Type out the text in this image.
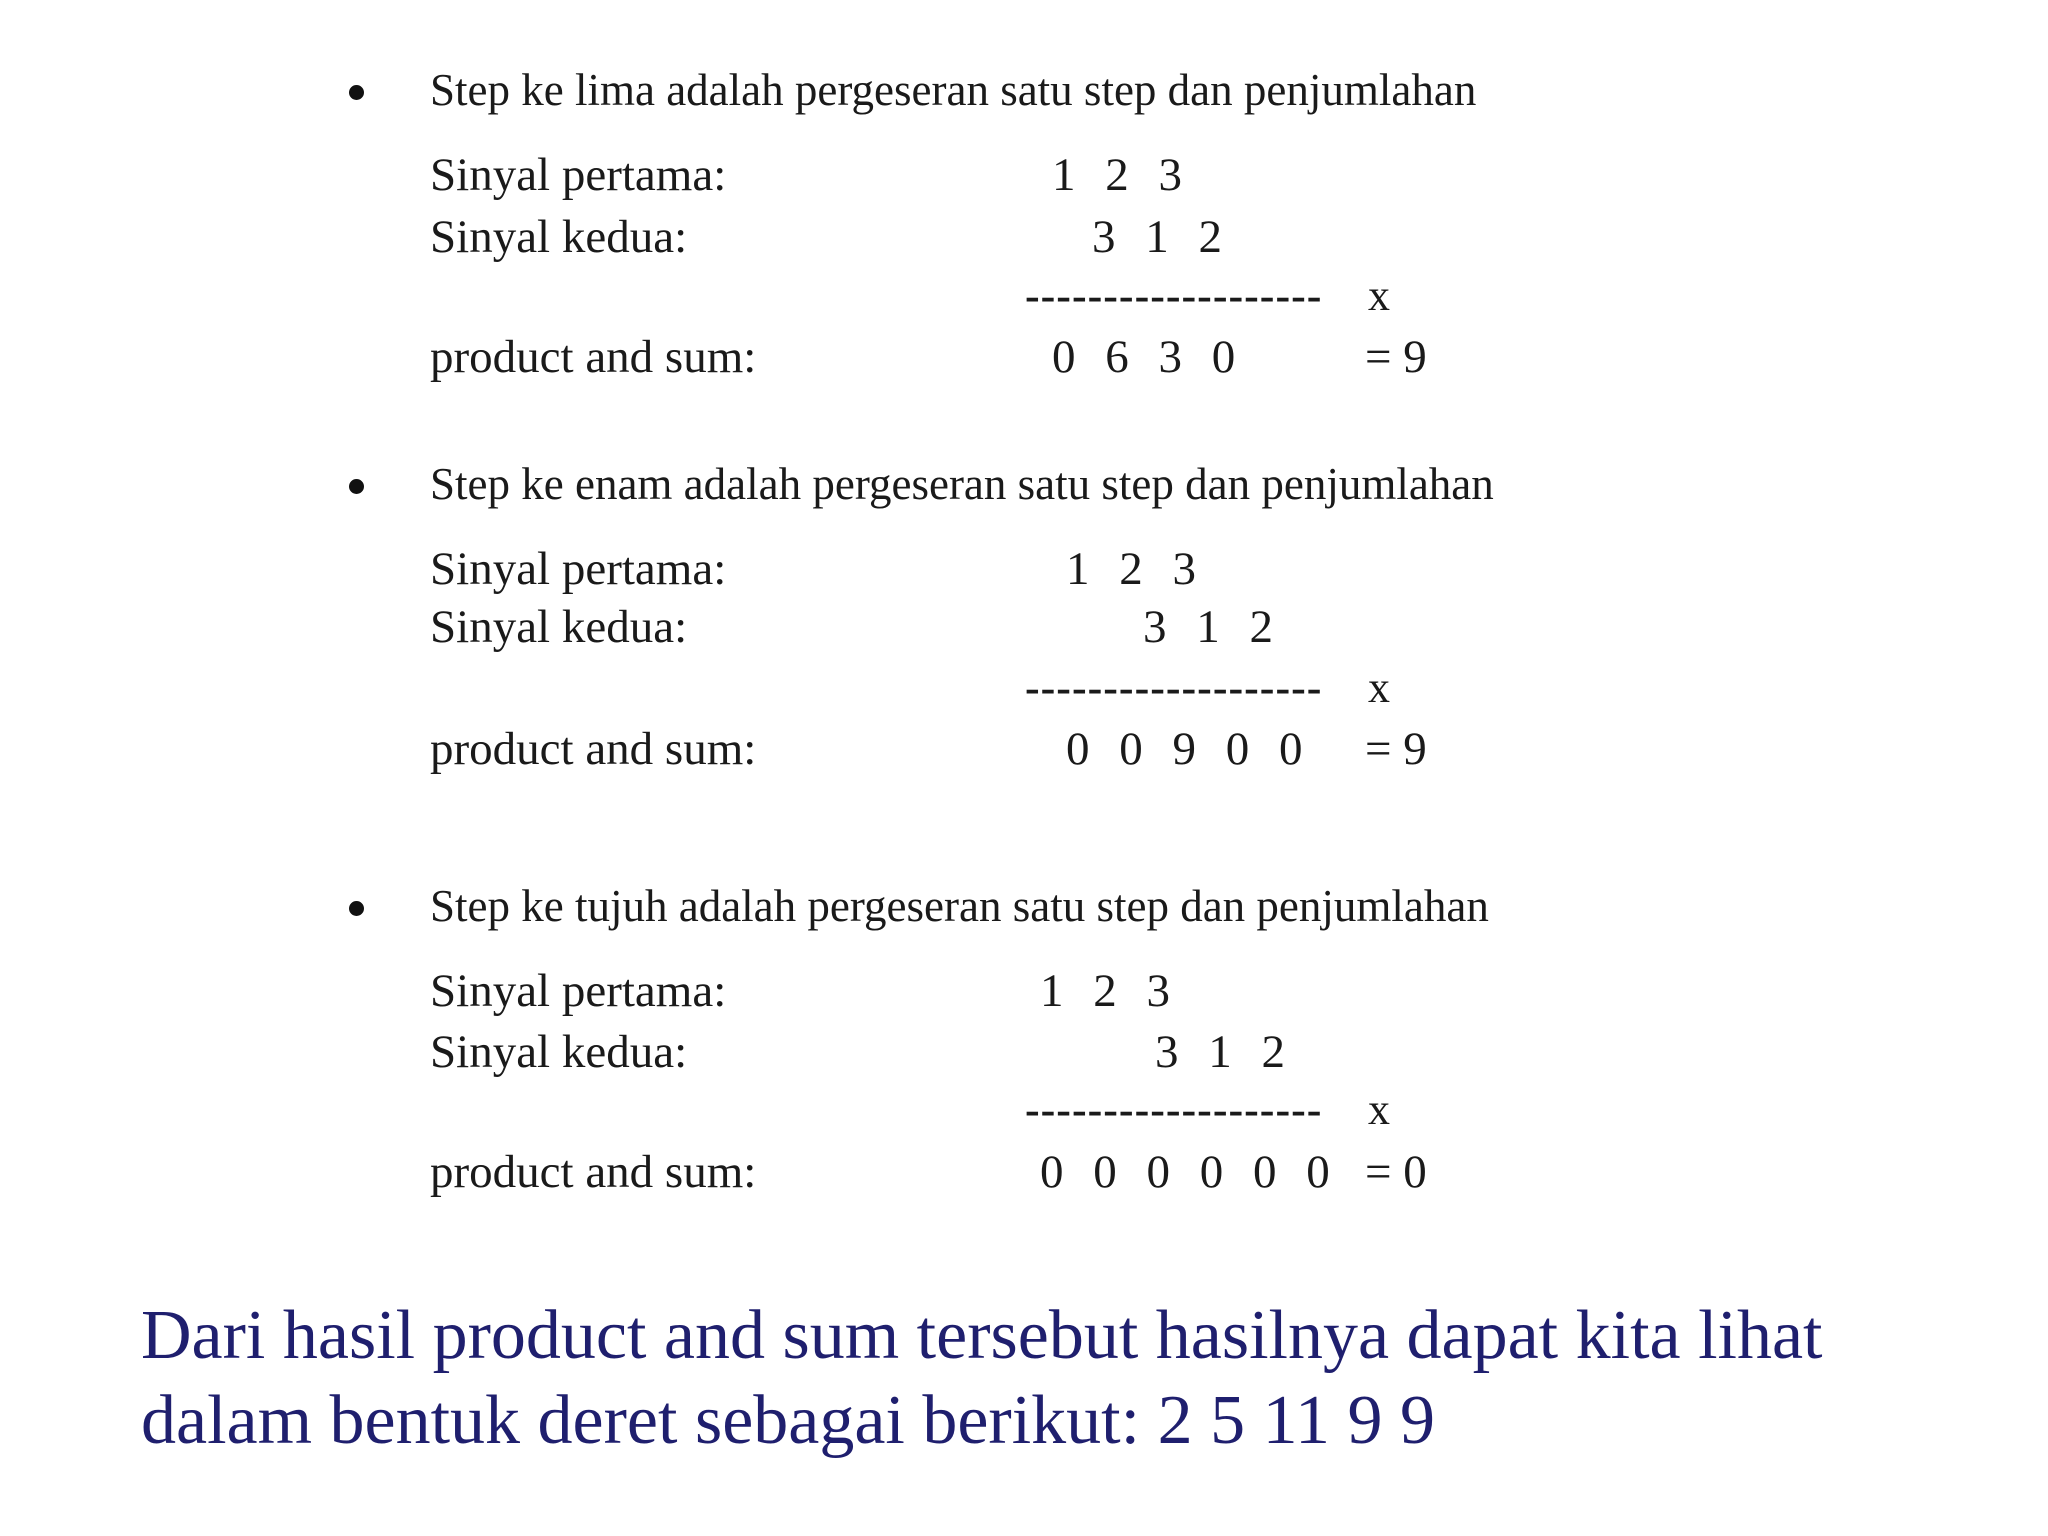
Step ke lima adalah pergeseran satu step dan penjumlahan
Sinyal pertama:	1 2 3
Sinyal kedua:	3 1 2
------------------- x
product and sum:	0 6 3 0	= 9
Step ke enam adalah pergeseran satu step dan penjumlahan
Sinyal pertama:	1 2 3
Sinyal kedua:	3 1 2
------------------- x
product and sum:	0 0 9 0 0 = 9
Step ke tujuh adalah pergeseran satu step dan penjumlahan
Sinyal pertama:	1 2 3
Sinyal kedua:	3 1 2
------------------- x
product and sum:	0 0 0 0 0 0 = 0
Dari hasil product and sum tersebut hasilnya dapat kita lihat dalam bentuk deret sebagai berikut: 2 5 11 9 9
